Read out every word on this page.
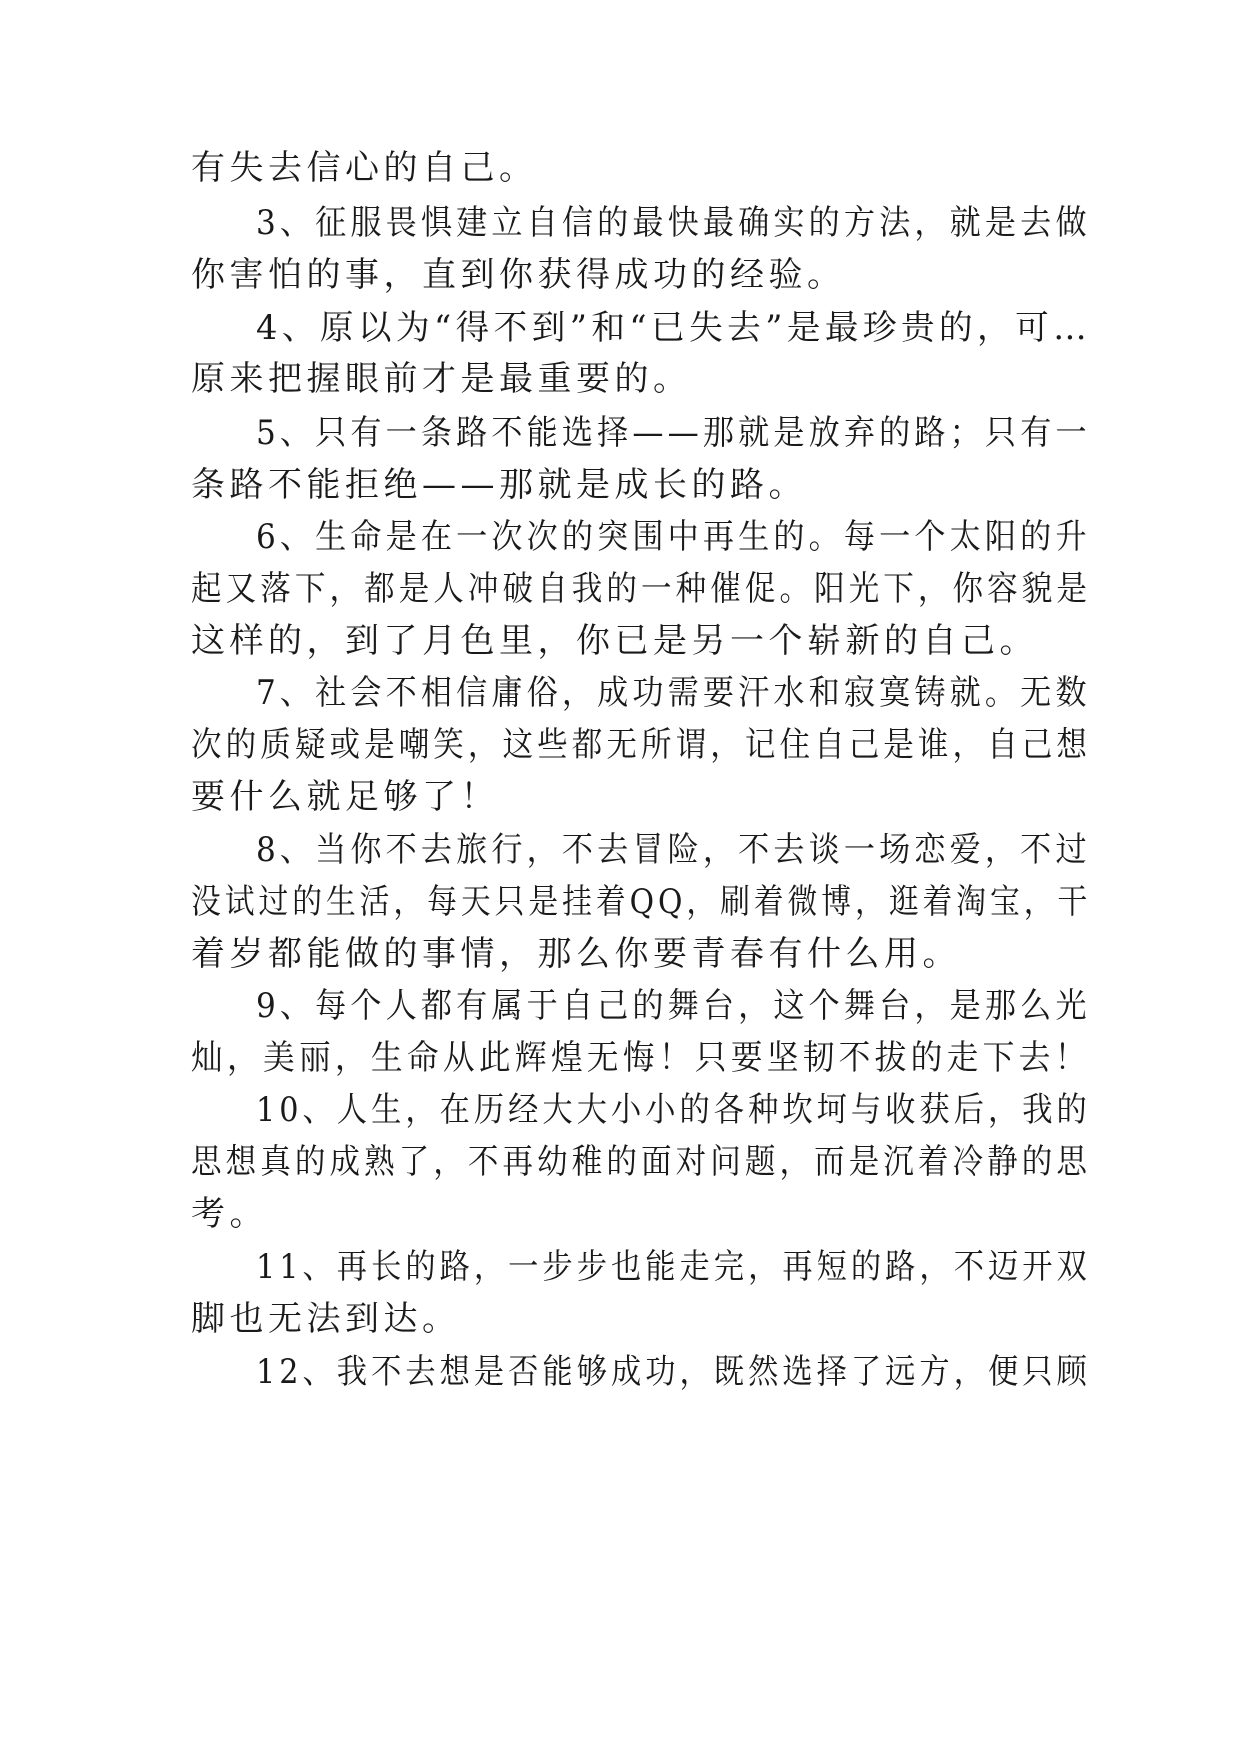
有失去信心的自己。
3、征服畏惧建立自信的最快最确实的方法，就是去做
你害怕的事，直到你获得成功的经验。
4、原以为“得不到”和“已失去”是最珍贵的，可…
原来把握眼前才是最重要的。
5、只有一条路不能选择——那就是放弃的路；只有一
条路不能拒绝——那就是成长的路。
6、生命是在一次次的突围中再生的。每一个太阳的升
起又落下，都是人冲破自我的一种催促。阳光下，你容貌是
这样的，到了月色里，你已是另一个崭新的自己。
7、社会不相信庸俗，成功需要汗水和寂寞铸就。无数
次的质疑或是嘲笑，这些都无所谓，记住自己是谁，自己想
要什么就足够了！
8、当你不去旅行，不去冒险，不去谈一场恋爱，不过
没试过的生活，每天只是挂着QQ，刷着微博，逛着淘宝，干
着岁都能做的事情，那么你要青春有什么用。
9、每个人都有属于自己的舞台，这个舞台，是那么光
灿，美丽，生命从此辉煌无悔！只要坚韧不拔的走下去！
10、人生，在历经大大小小的各种坎坷与收获后，我的
思想真的成熟了，不再幼稚的面对问题，而是沉着冷静的思
考。
11、再长的路，一步步也能走完，再短的路，不迈开双
脚也无法到达。
12、我不去想是否能够成功，既然选择了远方，便只顾
